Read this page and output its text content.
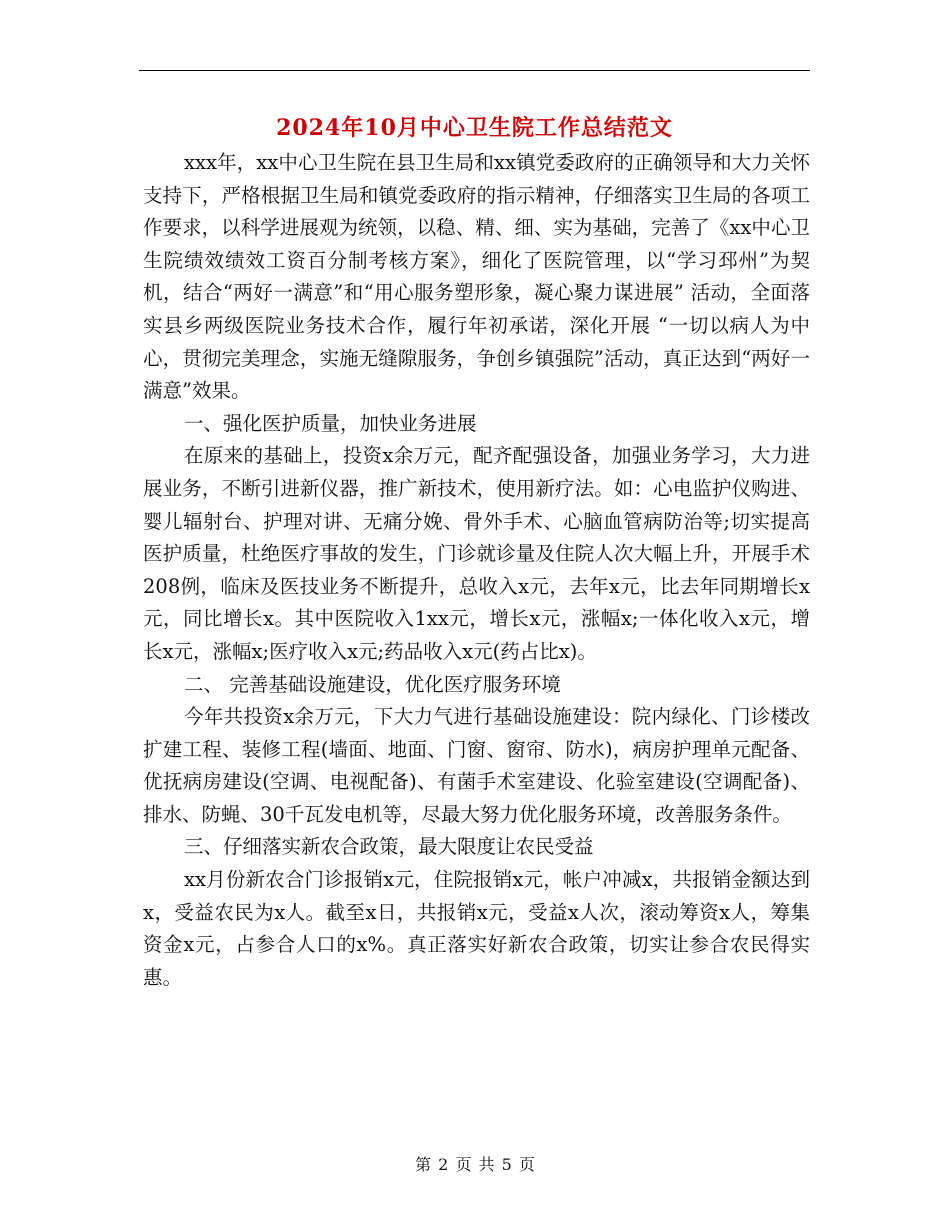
2024年10月中心卫生院工作总结范文

xxx年，xx中心卫生院在县卫生局和xx镇党委政府的正确领导和大力关怀支持下，严格根据卫生局和镇党委政府的指示精神，仔细落实卫生局的各项工作要求，以科学进展观为统领，以稳、精、细、实为基础，完善了《xx中心卫生院绩效绩效工资百分制考核方案》，细化了医院管理，以“学习邳州”为契机，结合“两好一满意”和“用心服务塑形象，凝心聚力谋进展” 活动，全面落实县乡两级医院业务技术合作，履行年初承诺，深化开展 “一切以病人为中心，贯彻完美理念，实施无缝隙服务，争创乡镇强院”活动，真正达到“两好一满意”效果。

一、强化医护质量，加快业务进展

在原来的基础上，投资x余万元，配齐配强设备，加强业务学习，大力进展业务，不断引进新仪器，推广新技术，使用新疗法。如：心电监护仪购进、婴儿辐射台、护理对讲、无痛分娩、骨外手术、心脑血管病防治等;切实提高医护质量，杜绝医疗事故的发生，门诊就诊量及住院人次大幅上升，开展手术208例，临床及医技业务不断提升，总收入x元，去年x元，比去年同期增长x元，同比增长x。其中医院收入1xx元，增长x元，涨幅x;一体化收入x元，增长x元，涨幅x;医疗收入x元;药品收入x元(药占比x)。

二、 完善基础设施建设，优化医疗服务环境

今年共投资x余万元，下大力气进行基础设施建设：院内绿化、门诊楼改扩建工程、装修工程(墙面、地面、门窗、窗帘、防水)，病房护理单元配备、优抚病房建设(空调、电视配备)、有菌手术室建设、化验室建设(空调配备)、排水、防蝇、30千瓦发电机等，尽最大努力优化服务环境，改善服务条件。

三、仔细落实新农合政策，最大限度让农民受益

xx月份新农合门诊报销x元，住院报销x元，帐户冲减x，共报销金额达到x，受益农民为x人。截至x日，共报销x元，受益x人次，滚动筹资x人，筹集资金x元，占参合人口的x%。真正落实好新农合政策，切实让参合农民得实惠。

第 2 页 共 5 页
